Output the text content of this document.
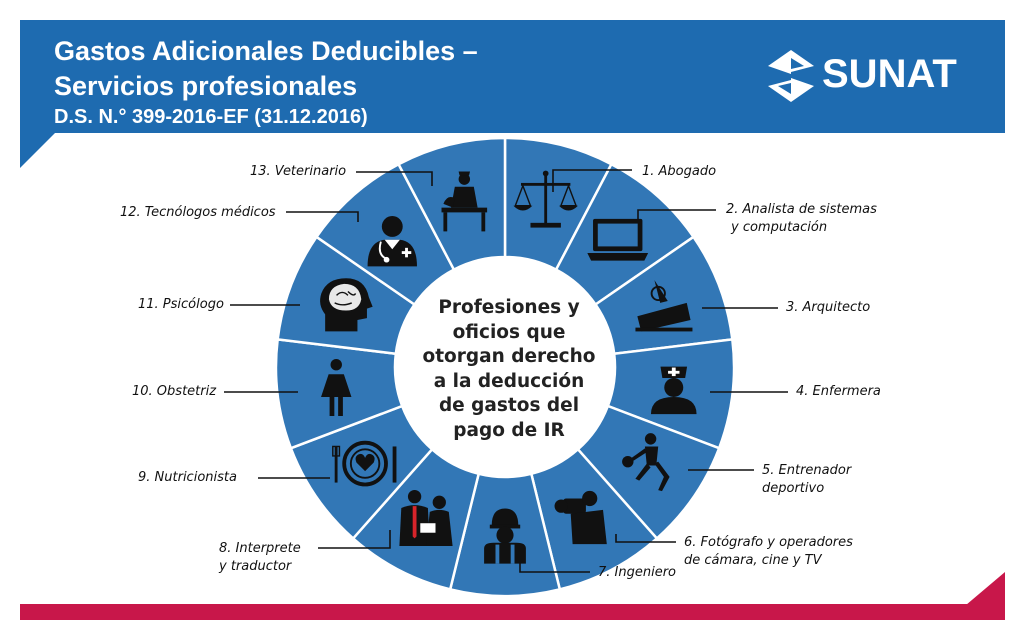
Gastos Adicionales Deducibles –
Servicios profesionales
D.S. N.° 399-2016-EF (31.12.2016)
SUNAT
Profesiones y
oficios que
otorgan derecho
a la deducción
de gastos del
pago de IR
1. Abogado
2. Analista de sistemas
y computación
3. Arquitecto
4. Enfermera
5. Entrenador
deportivo
6. Fotógrafo y operadores
de cámara, cine y TV
7. Ingeniero
8. Interprete
y traductor
9. Nutricionista
10. Obstetriz
11. Psicólogo
12. Tecnólogos médicos
13. Veterinario
